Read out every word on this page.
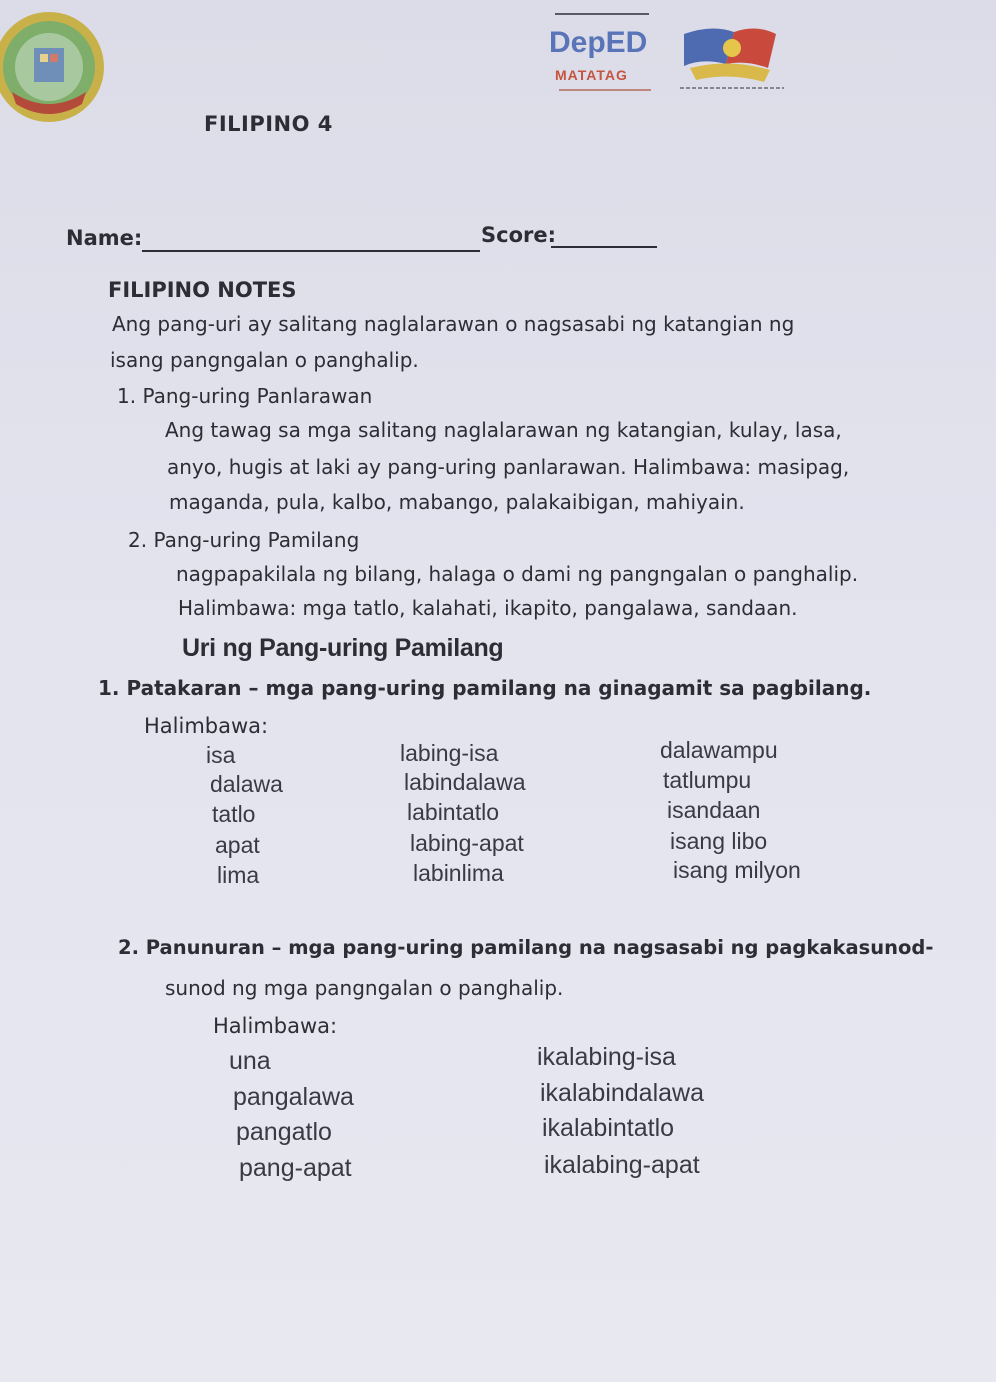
DepED
MATATAG
FILIPINO 4
Name:	Score:
FILIPINO NOTES
Ang pang-uri ay salitang naglalarawan o nagsasabi ng katangian ng
isang pangngalan o panghalip.
1. Pang-uring Panlarawan
Ang tawag sa mga salitang naglalarawan ng katangian, kulay, lasa,
anyo, hugis at laki ay pang-uring panlarawan. Halimbawa: masipag,
maganda, pula, kalbo, mabango, palakaibigan, mahiyain.
2. Pang-uring Pamilang
nagpapakilala ng bilang, halaga o dami ng pangngalan o panghalip.
Halimbawa: mga tatlo, kalahati, ikapito, pangalawa, sandaan.
Uri ng Pang-uring Pamilang
1. Patakaran – mga pang-uring pamilang na ginagamit sa pagbilang.
Halimbawa:
isa
dalawa
tatlo
apat
lima
labing-isa
labindalawa
labintatlo
labing-apat
labinlima
dalawampu
tatlumpu
isandaan
isang libo
isang milyon
2. Panunuran – mga pang-uring pamilang na nagsasabi ng pagkakasunod-
sunod ng mga pangngalan o panghalip.
Halimbawa:
una
pangalawa
pangatlo
pang-apat
ikalabing-isa
ikalabindalawa
ikalabintatlo
ikalabing-apat
